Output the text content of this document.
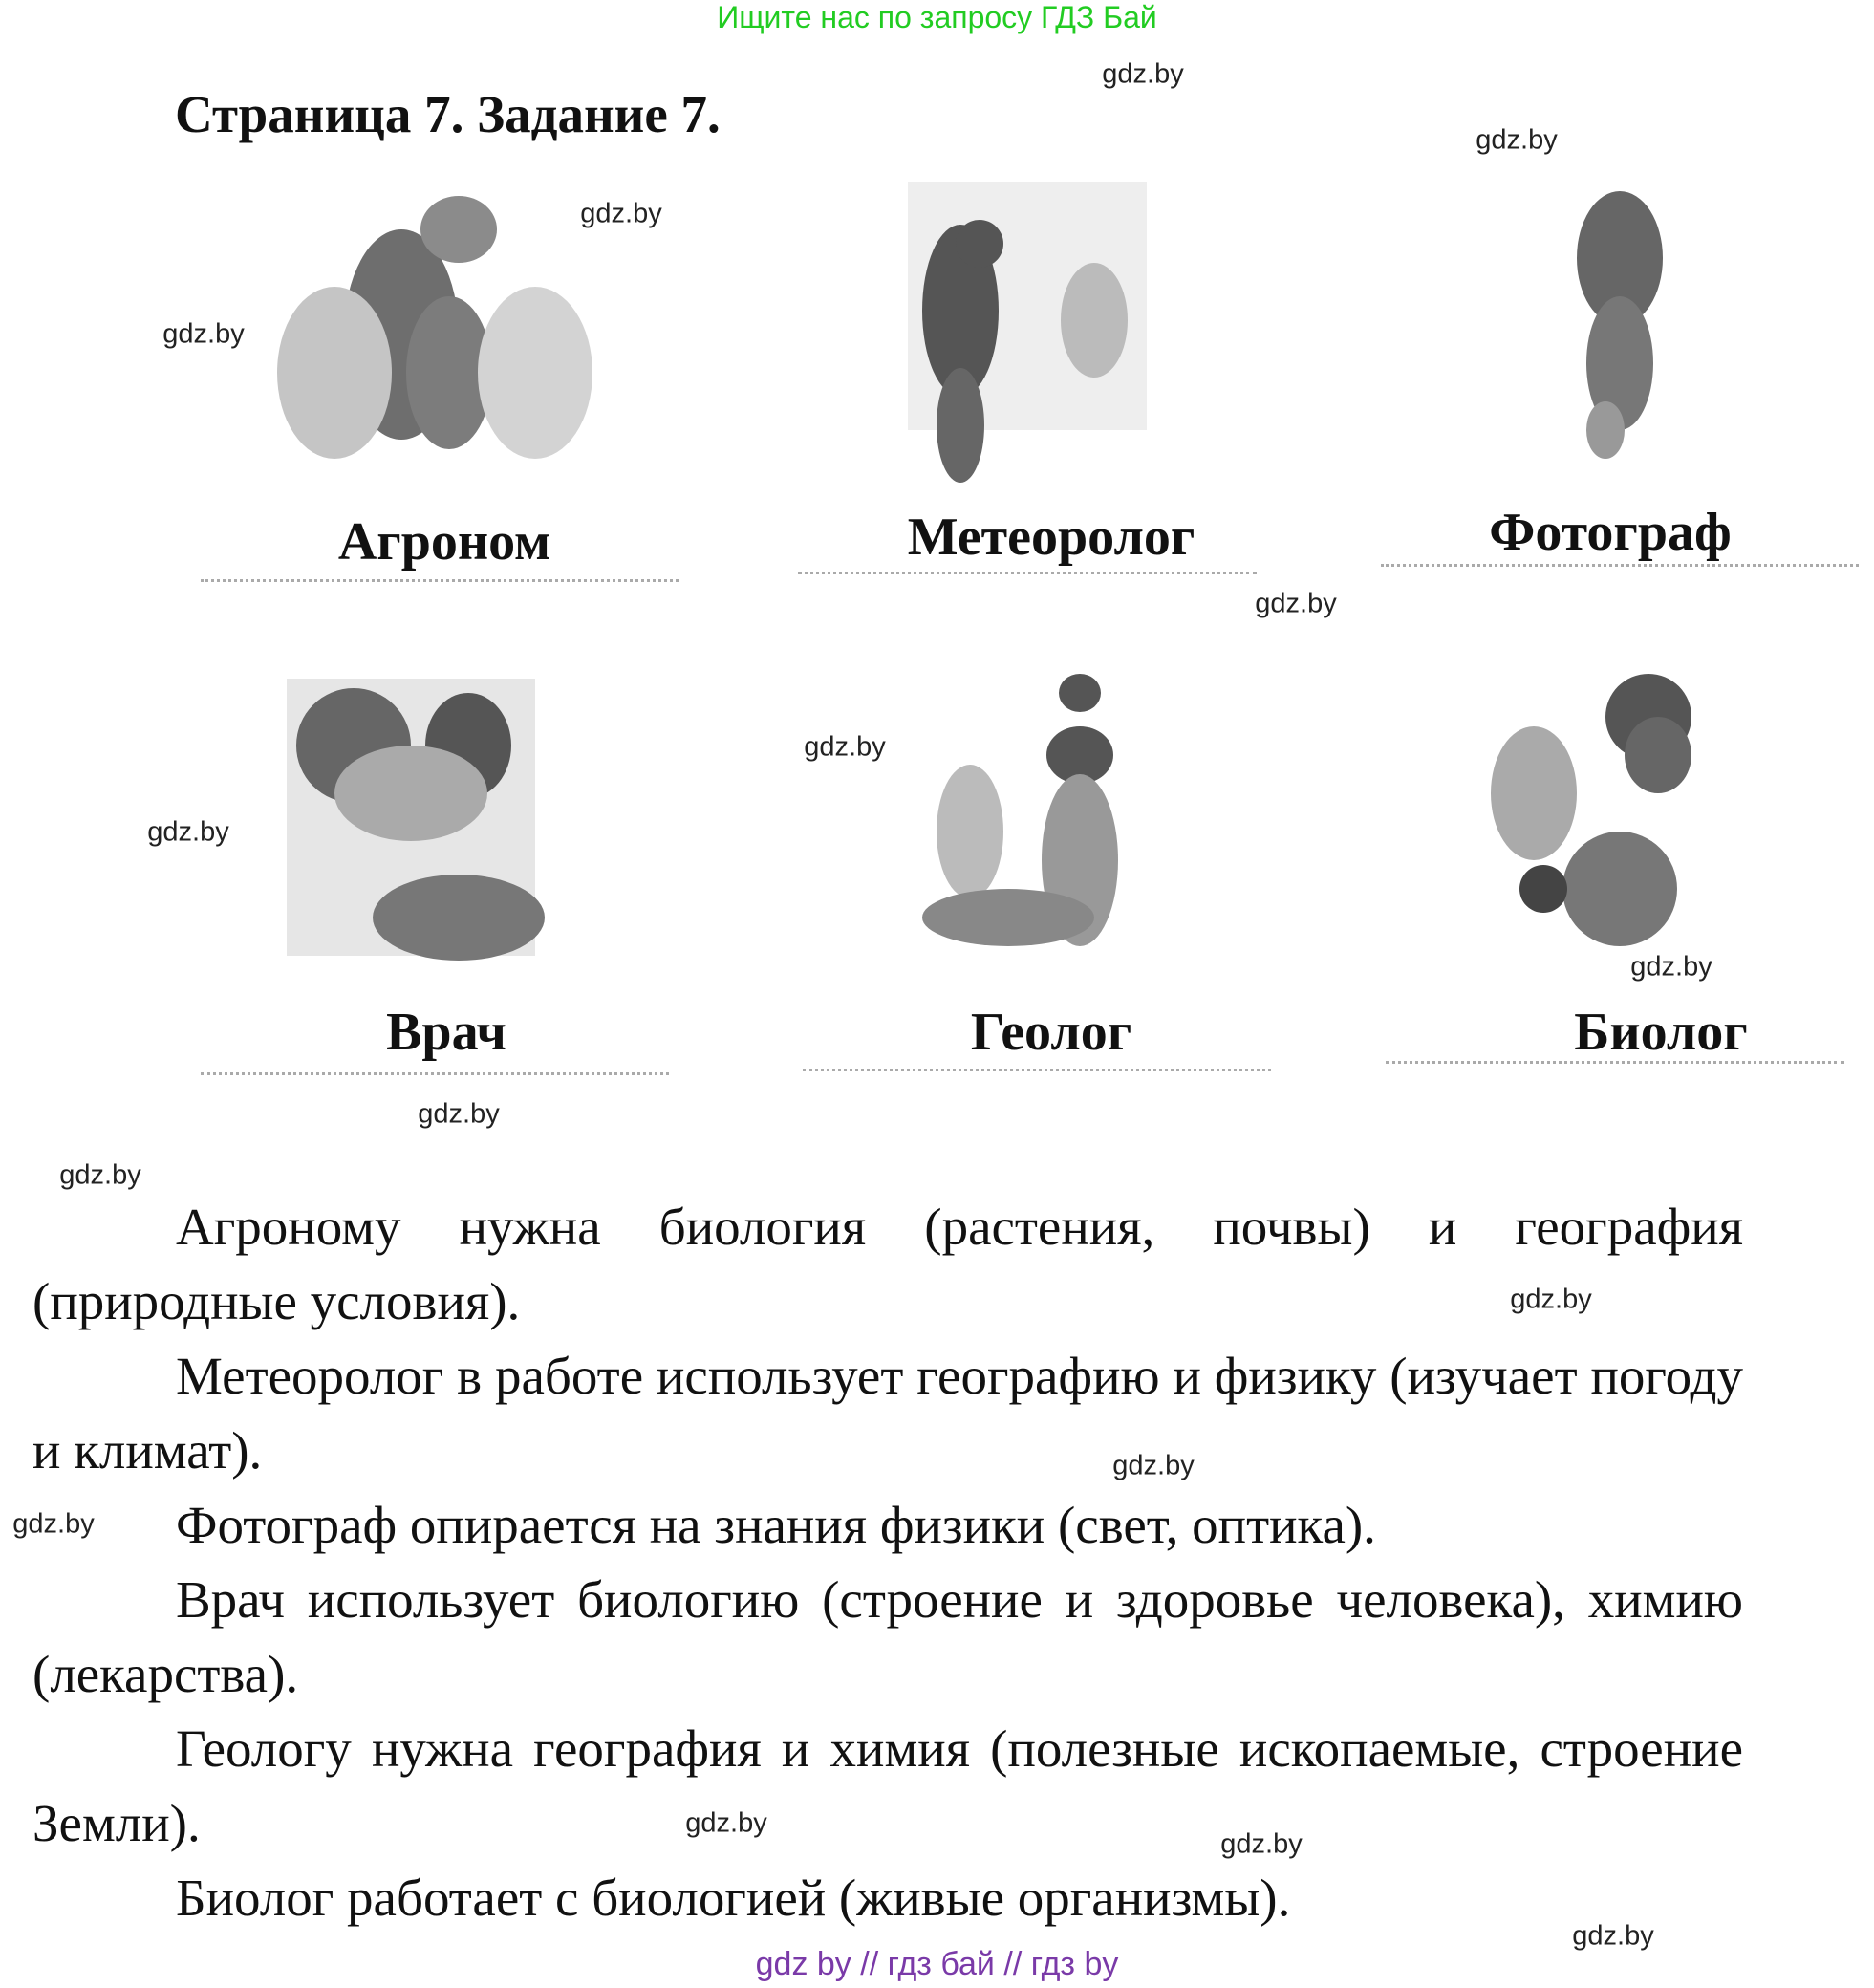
Ищите нас по запросу ГДЗ Бай
Страница 7. Задание 7.
Агроном	Метеоролог	Фотограф
Врач	Геолог	Биолог

Агроному нужна биология (растения, почвы) и география (природные условия).

Метеоролог в работе использует географию и физику (изучает погоду и климат).

Фотограф опирается на знания физики (свет, оптика).

Врач использует биологию (строение и здоровье человека), химию (лекарства).

Геологу нужна география и химия (полезные ископаемые, строение Земли).

Биолог работает с биологией (живые организмы).

gdz.by
gdz.by
gdz.by
gdz.by
gdz.by
gdz.by
gdz.by
gdz.by
gdz.by
gdz.by
gdz.by
gdz.by
gdz.by
gdz.by
gdz.by
gdz.by
gdz by // гдз бай // гдз by
